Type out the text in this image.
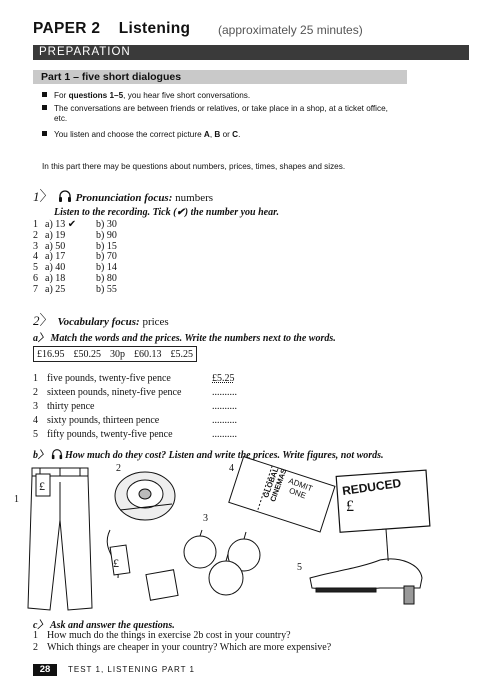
PAPER 2 Listening (approximately 25 minutes)
PREPARATION
Part 1 – five short dialogues
For questions 1–5, you hear five short conversations.
The conversations are between friends or relatives, or take place in a shop, at a ticket office, etc.
You listen and choose the correct picture A, B or C.
In this part there may be questions about numbers, prices, times, shapes and sizes.
1〉 Pronunciation focus: numbers
Listen to the recording. Tick (✔) the number you hear.
1 a) 13 ✔	b) 30
2 a) 19	b) 90
3 a) 50	b) 15
4 a) 17	b) 70
5 a) 40	b) 14
6 a) 18	b) 80
7 a) 25	b) 55
2〉 Vocabulary focus: prices
a〉 Match the words and the prices. Write the numbers next to the words.
£16.95 £50.25 30p £60.13 £5.25
1 five pounds, twenty-five pence	£5.25
2 sixteen pounds, ninety-five pence	..........
3 thirty pence	..........
4 sixty pounds, thirteen pence	..........
5 fifty pounds, twenty-five pence	..........
b〉 How much do they cost? Listen and write the prices. Write figures, not words.
1
2
3
4
5
£
£
GLOBAL CINEMAS
ADMIT ONE	REDUCED
£
c〉 Ask and answer the questions.
1 How much do the things in exercise 2b cost in your country?
2 Which things are cheaper in your country? Which are more expensive?
28	TEST 1, LISTENING PART 1
